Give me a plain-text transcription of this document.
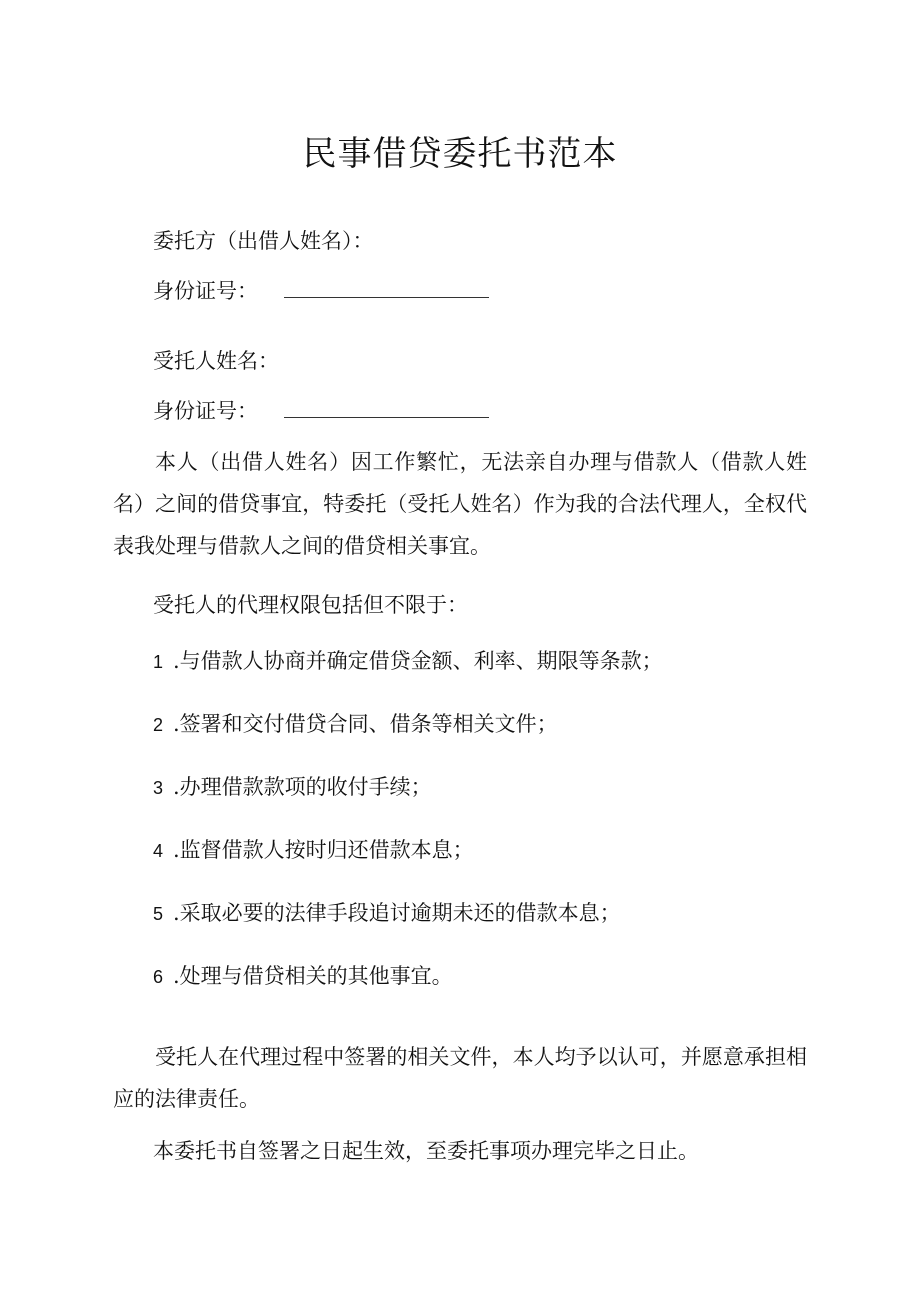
民事借贷委托书范本
委托方（出借人姓名）：
身份证号：
受托人姓名：
身份证号：
本人（出借人姓名）因工作繁忙，无法亲自办理与借款人（借款人姓名）之间的借贷事宜，特委托（受托人姓名）作为我的合法代理人，全权代表我处理与借款人之间的借贷相关事宜。
受托人的代理权限包括但不限于：
1 .与借款人协商并确定借贷金额、利率、期限等条款；
2 .签署和交付借贷合同、借条等相关文件；
3 .办理借款款项的收付手续；
4 .监督借款人按时归还借款本息；
5 .采取必要的法律手段追讨逾期未还的借款本息；
6 .处理与借贷相关的其他事宜。
受托人在代理过程中签署的相关文件，本人均予以认可，并愿意承担相应的法律责任。
本委托书自签署之日起生效，至委托事项办理完毕之日止。
